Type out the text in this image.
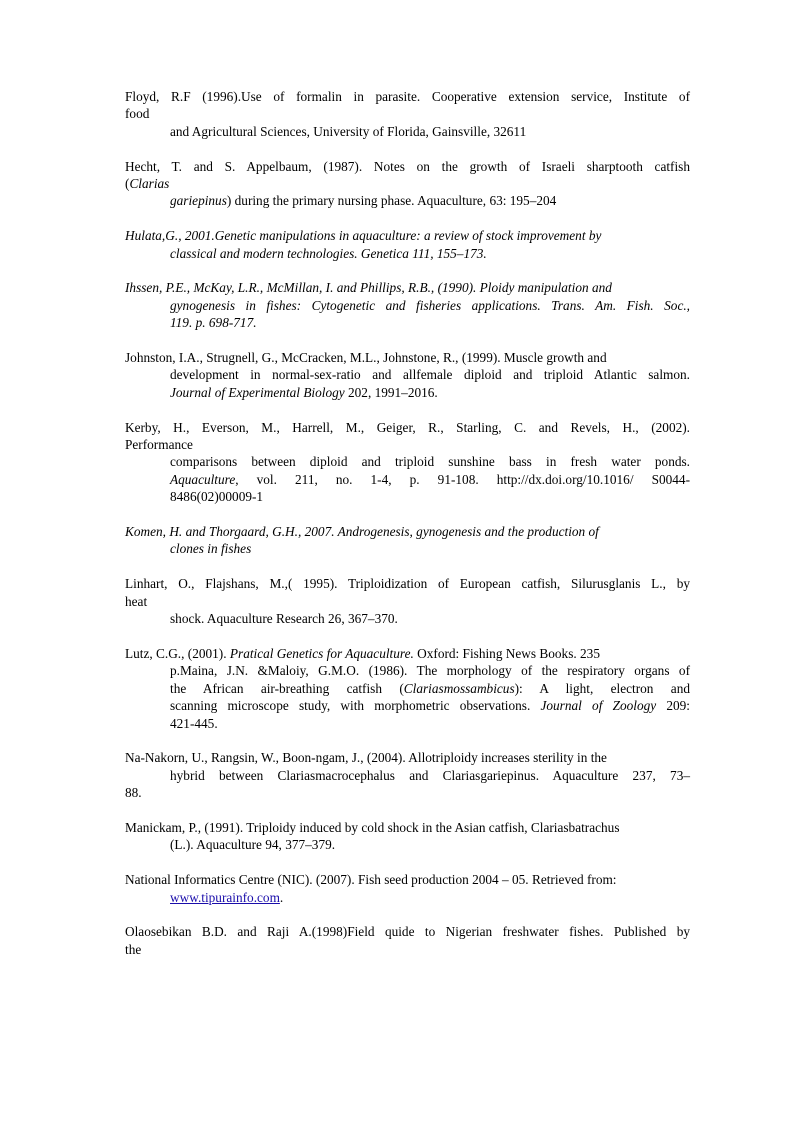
Floyd, R.F (1996).Use of formalin in parasite. Cooperative extension service, Institute of
food
and Agricultural Sciences, University of Florida, Gainsville, 32611
Hecht, T. and S. Appelbaum, (1987). Notes on the growth of Israeli sharptooth catfish
(Clarias
gariepinus) during the primary nursing phase. Aquaculture, 63: 195–204
Hulata,G., 2001.Genetic manipulations in aquaculture: a review of stock improvement by
classical and modern technologies. Genetica 111, 155–173.
Ihssen, P.E., McKay, L.R., McMillan, I. and Phillips, R.B., (1990). Ploidy manipulation and
gynogenesis in fishes: Cytogenetic and fisheries applications. Trans. Am. Fish. Soc.,
119. p. 698-717.
Johnston, I.A., Strugnell, G., McCracken, M.L., Johnstone, R., (1999). Muscle growth and
development in normal-sex-ratio and allfemale diploid and triploid Atlantic salmon.
Journal of Experimental Biology 202, 1991–2016.
Kerby, H., Everson, M., Harrell, M., Geiger, R., Starling, C. and Revels, H., (2002).
Performance
comparisons between diploid and triploid sunshine bass in fresh water ponds.
Aquaculture, vol. 211, no. 1-4, p. 91-108. http://dx.doi.org/10.1016/ S0044-
8486(02)00009-1
Komen, H. and Thorgaard, G.H., 2007. Androgenesis, gynogenesis and the production of
clones in fishes
Linhart, O., Flajshans, M.,( 1995). Triploidization of European catfish, Silurusglanis L., by
heat
shock. Aquaculture Research 26, 367–370.
Lutz, C.G., (2001). Pratical Genetics for Aquaculture. Oxford: Fishing News Books. 235
p.Maina, J.N. &Maloiy, G.M.O. (1986). The morphology of the respiratory organs of
the African air-breathing catfish (Clariasmossambicus): A light, electron and
scanning microscope study, with morphometric observations. Journal of Zoology 209:
421-445.
Na-Nakorn, U., Rangsin, W., Boon-ngam, J., (2004). Allotriploidy increases sterility in the
hybrid between Clariasmacrocephalus and Clariasgariepinus. Aquaculture 237, 73–
88.
Manickam, P., (1991). Triploidy induced by cold shock in the Asian catfish, Clariasbatrachus
(L.). Aquaculture 94, 377–379.
National Informatics Centre (NIC). (2007). Fish seed production 2004 – 05. Retrieved from:
www.tipurainfo.com.
Olaosebikan B.D. and Raji A.(1998)Field quide to Nigerian freshwater fishes. Published by
the
